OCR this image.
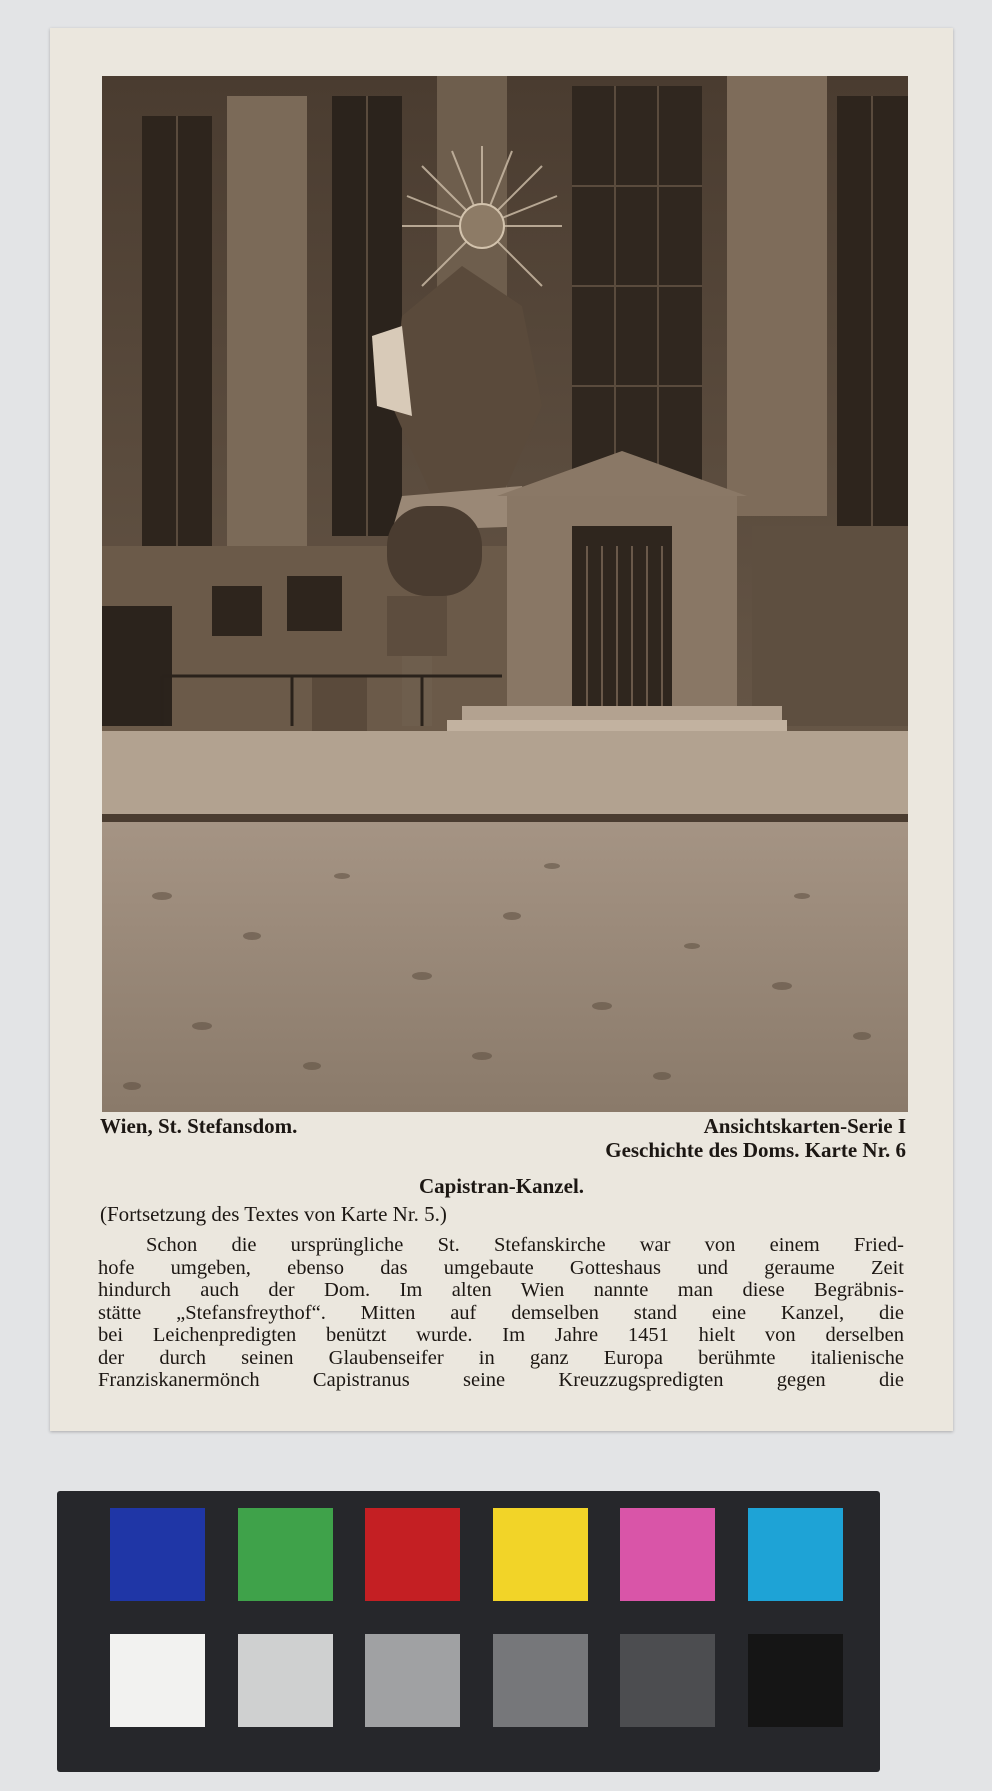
Wien, St. Stefansdom.	Ansichtskarten-Serie I
Geschichte des Doms. Karte Nr. 6
Capistran-Kanzel.
(Fortsetzung des Textes von Karte Nr. 5.)
Schon die ursprüngliche St. Stefanskirche war von einem Fried-
hofe umgeben, ebenso das umgebaute Gotteshaus und geraume Zeit
hindurch auch der Dom. Im alten Wien nannte man diese Begräbnis-
stätte „Stefansfreythof“. Mitten auf demselben stand eine Kanzel, die
bei Leichenpredigten benützt wurde. Im Jahre 1451 hielt von derselben
der durch seinen Glaubenseifer in ganz Europa berühmte italienische
Franziskanermönch Capistranus seine Kreuzzugspredigten gegen die
